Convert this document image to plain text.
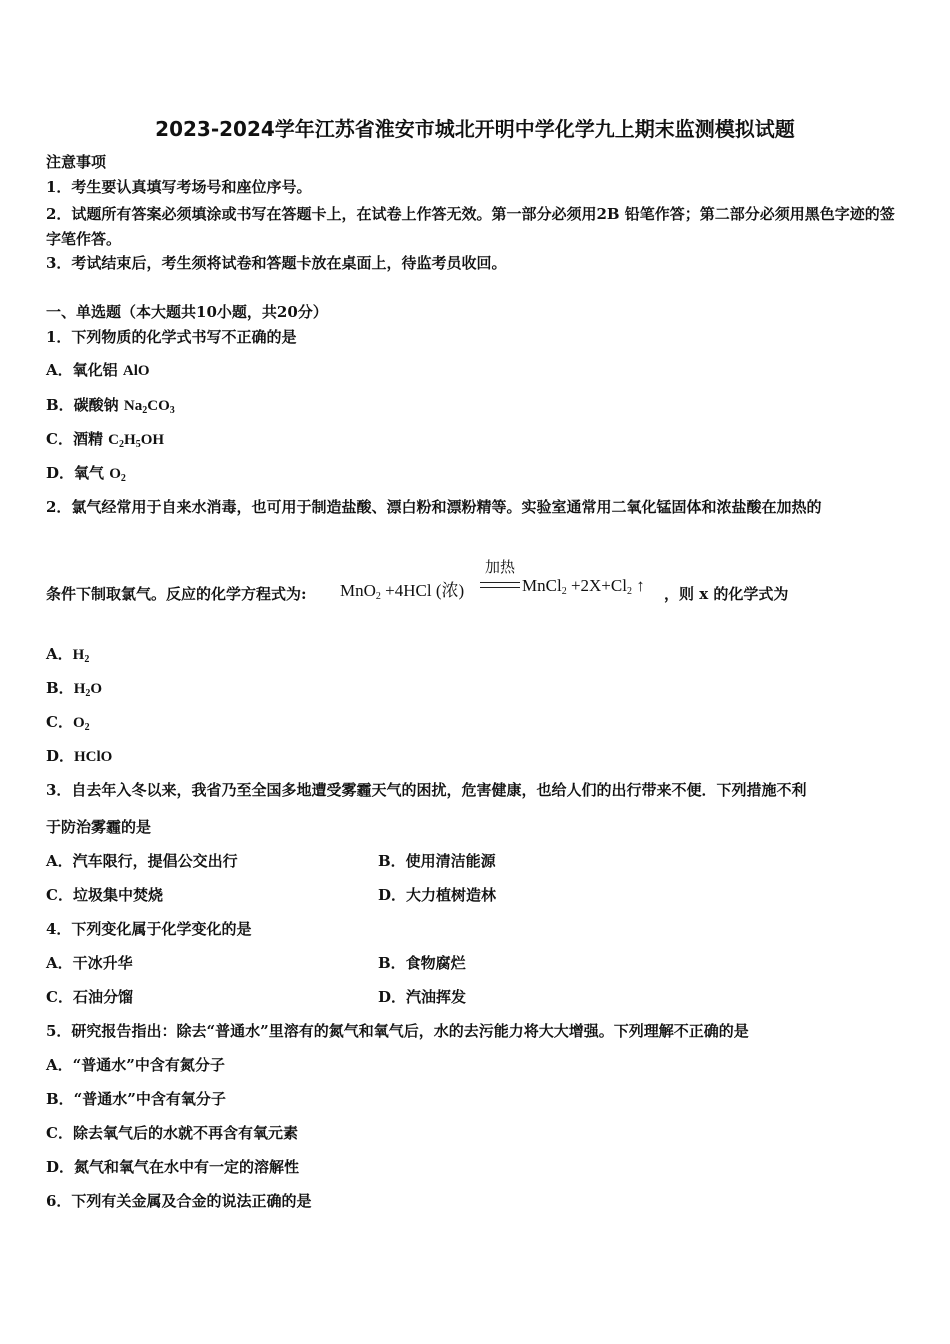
2023-2024学年江苏省淮安市城北开明中学化学九上期末监测模拟试题
注意事项
1．考生要认真填写考场号和座位序号。
2．试题所有答案必须填涂或书写在答题卡上，在试卷上作答无效。第一部分必须用2B 铅笔作答；第二部分必须用黑色字迹的签字笔作答。
3．考试结束后，考生须将试卷和答题卡放在桌面上，待监考员收回。
一、单选题（本大题共10小题，共20分）
1．下列物质的化学式书写不正确的是
A．氧化铝 AlO
B．碳酸钠 $Na_2CO_3$
C．酒精 $C_2H_5OH$
D．氧气 $O_2$
2．氯气经常用于自来水消毒，也可用于制造盐酸、漂白粉和漂粉精等。实验室通常用二氧化锰固体和浓盐酸在加热的
条件下制取氯气。反应的化学方程式为: MnO$_2$ +4HCl (浓)
加热
MnCl$_2$ $+2X+Cl_2$ ↑ ，则 x 的化学式为
A．$H_2$
B．$H_2O$
C．$O_2$
D．HClO
3．自去年入冬以来，我省乃至全国多地遭受雾霾天气的困扰，危害健康，也给人们的出行带来不便．下列措施不利
于防治雾霾的是
A．汽车限行，提倡公交出行	B．使用清洁能源
C．垃圾集中焚烧	D．大力植树造林
4．下列变化属于化学变化的是
A．干冰升华	B．食物腐烂
C．石油分馏	D．汽油挥发
5．研究报告指出：除去“普通水”里溶有的氮气和氧气后，水的去污能力将大大增强。下列理解不正确的是
A．“普通水”中含有氮分子
B．“普通水”中含有氧分子
C．除去氧气后的水就不再含有氧元素
D．氮气和氧气在水中有一定的溶解性
6．下列有关金属及合金的说法正确的是
